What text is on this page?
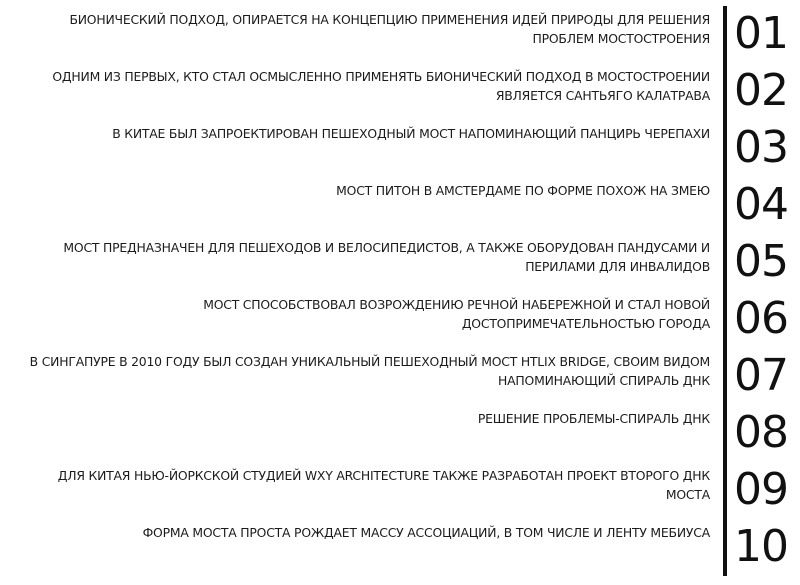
БИОНИЧЕСКИЙ ПОДХОД, ОПИРАЕТСЯ НА КОНЦЕПЦИЮ ПРИМЕНЕНИЯ ИДЕЙ ПРИРОДЫ ДЛЯ РЕШЕНИЯ ПРОБЛЕМ МОСТОСТРОЕНИЯ 01
ОДНИМ ИЗ ПЕРВЫХ, КТО СТАЛ ОСМЫСЛЕННО ПРИМЕНЯТЬ БИОНИЧЕСКИЙ ПОДХОД В МОСТОСТРОЕНИИ ЯВЛЯЕТСЯ САНТЬЯГО КАЛАТРАВА 02
В КИТАЕ БЫЛ ЗАПРОЕКТИРОВАН ПЕШЕХОДНЫЙ МОСТ НАПОМИНАЮЩИЙ ПАНЦИРЬ ЧЕРЕПАХИ 03
МОСТ ПИТОН В АМСТЕРДАМЕ ПО ФОРМЕ ПОХОЖ НА ЗМЕЮ 04
МОСТ ПРЕДНАЗНАЧЕН ДЛЯ ПЕШЕХОДОВ И ВЕЛОСИПЕДИСТОВ, А ТАКЖЕ ОБОРУДОВАН ПАНДУСАМИ И ПЕРИЛАМИ ДЛЯ ИНВАЛИДОВ 05
МОСТ СПОСОБСТВОВАЛ ВОЗРОЖДЕНИЮ РЕЧНОЙ НАБЕРЕЖНОЙ И СТАЛ НОВОЙ ДОСТОПРИМЕЧАТЕЛЬНОСТЬЮ ГОРОДА 06
В СИНГАПУРЕ В 2010 ГОДУ БЫЛ СОЗДАН УНИКАЛЬНЫЙ ПЕШЕХОДНЫЙ МОСТ HTLIX BRIDGE, СВОИМ ВИДОМ НАПОМИНАЮЩИЙ СПИРАЛЬ ДНК 07
РЕШЕНИЕ ПРОБЛЕМЫ-СПИРАЛЬ ДНК 08
ДЛЯ КИТАЯ НЬЮ-ЙОРКСКОЙ СТУДИЕЙ WXY ARCHITECTURE ТАКЖЕ РАЗРАБОТАН ПРОЕКТ ВТОРОГО ДНК МОСТА 09
ФОРМА МОСТА ПРОСТА РОЖДАЕТ МАССУ АССОЦИАЦИЙ, В ТОМ ЧИСЛЕ И ЛЕНТУ МЕБИУСА 10
